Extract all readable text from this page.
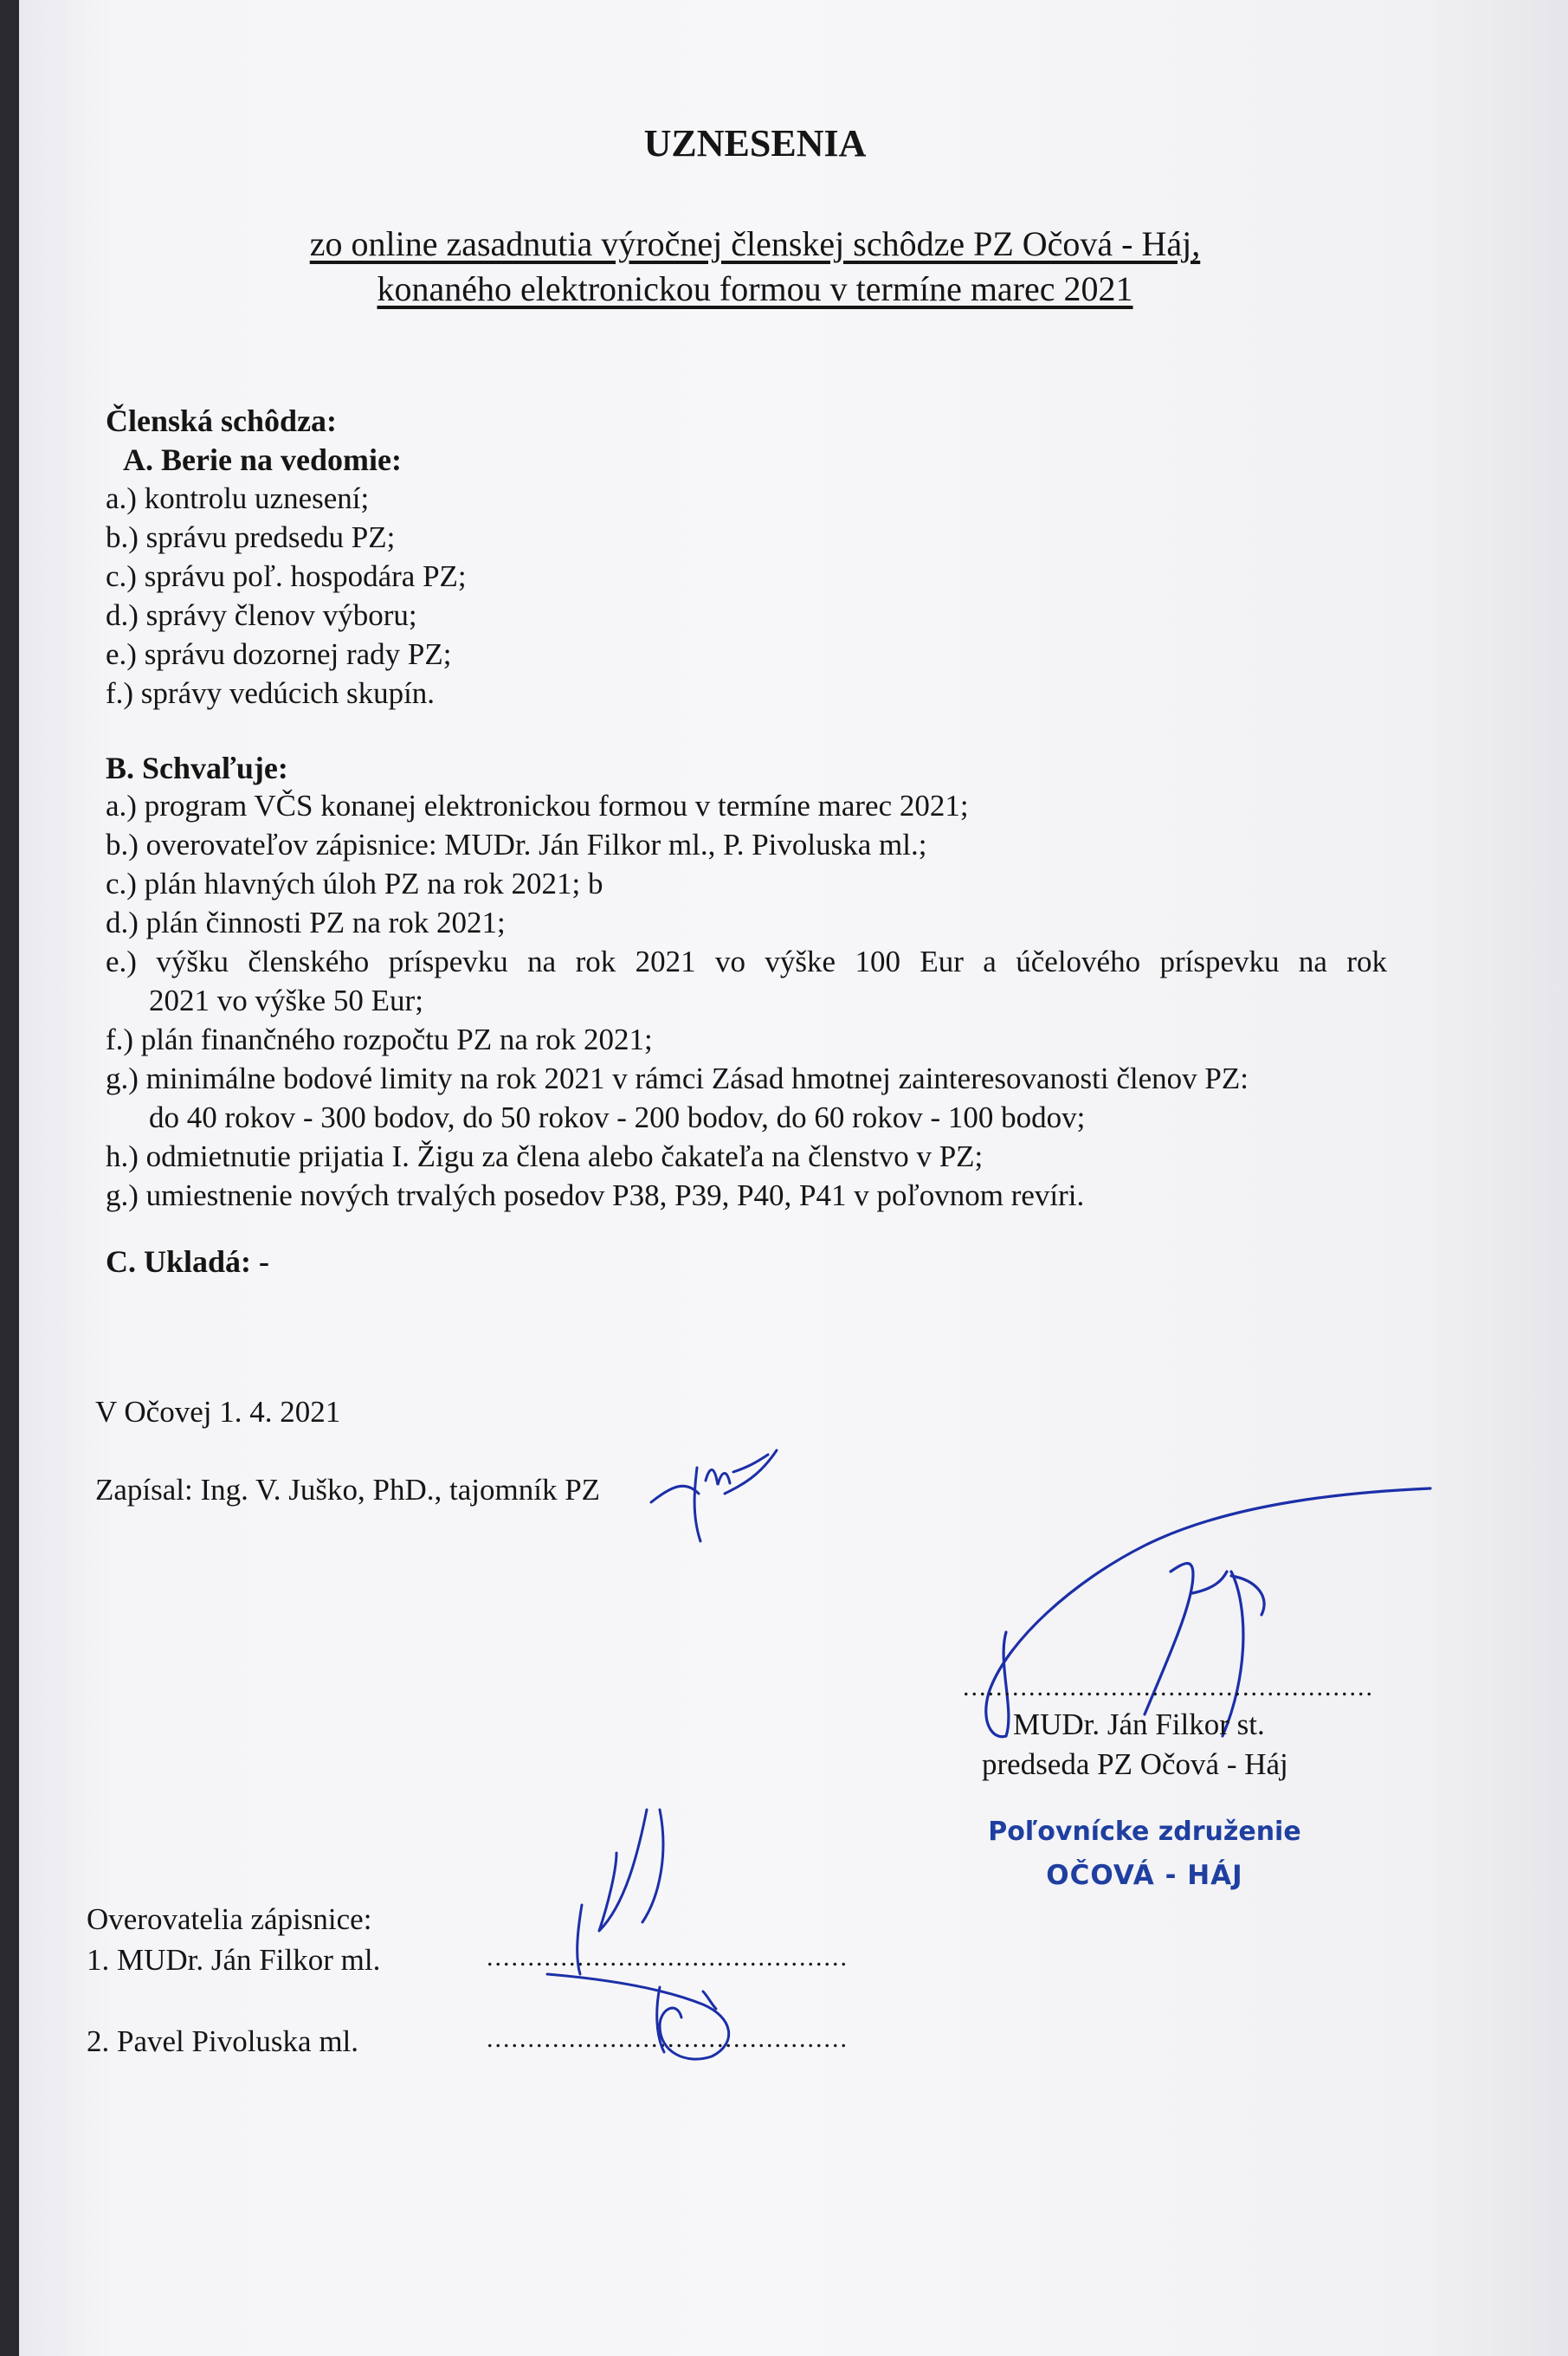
UZNESENIA
zo online zasadnutia výročnej členskej schôdze PZ Očová - Háj,
konaného elektronickou formou v termíne marec 2021
Členská schôdza:
A. Berie na vedomie:
a.) kontrolu uznesení;
b.) správu predsedu PZ;
c.) správu poľ. hospodára PZ;
d.) správy členov výboru;
e.) správu dozornej rady PZ;
f.) správy vedúcich skupín.
B. Schvaľuje:
a.) program VČS konanej elektronickou formou v termíne marec 2021;
b.) overovateľov zápisnice: MUDr. Ján Filkor ml., P. Pivoluska ml.;
c.) plán hlavných úloh PZ na rok 2021; b
d.) plán činnosti PZ na rok 2021;
e.) výšku členského príspevku na rok 2021 vo výške 100 Eur a účelového príspevku na rok
2021 vo výške 50 Eur;
f.) plán finančného rozpočtu PZ na rok 2021;
g.) minimálne bodové limity na rok 2021 v rámci Zásad hmotnej zainteresovanosti členov PZ:
do 40 rokov - 300 bodov, do 50 rokov - 200 bodov, do 60 rokov - 100 bodov;
h.) odmietnutie prijatia I. Žigu za člena alebo čakateľa na členstvo v PZ;
g.) umiestnenie nových trvalých posedov P38, P39, P40, P41 v poľovnom revíri.
C. Ukladá: -
V Očovej 1. 4. 2021
Zapísal: Ing. V. Juško, PhD., tajomník PZ
..................................................
MUDr. Ján Filkor st.
predseda PZ Očová - Háj
Poľovnícke združenie
OČOVÁ - HÁJ
Overovatelia zápisnice:
1. MUDr. Ján Filkor ml.	............................................
2. Pavel Pivoluska ml.	............................................
